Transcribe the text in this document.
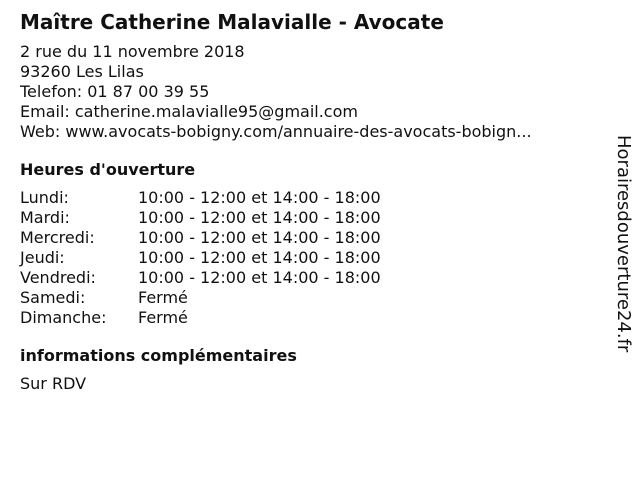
Maître Catherine Malavialle - Avocate
2 rue du 11 novembre 2018
93260 Les Lilas
Telefon: 01 87 00 39 55
Email: catherine.malavialle95@gmail.com
Web: www.avocats-bobigny.com/annuaire-des-avocats-bobign...
Heures d'ouverture
Lundi:	10:00 - 12:00 et 14:00 - 18:00
Mardi:	10:00 - 12:00 et 14:00 - 18:00
Mercredi:	10:00 - 12:00 et 14:00 - 18:00
Jeudi:	10:00 - 12:00 et 14:00 - 18:00
Vendredi:	10:00 - 12:00 et 14:00 - 18:00
Samedi:	Fermé
Dimanche:	Fermé
informations complémentaires
Sur RDV
Horairesdouverture24.fr
